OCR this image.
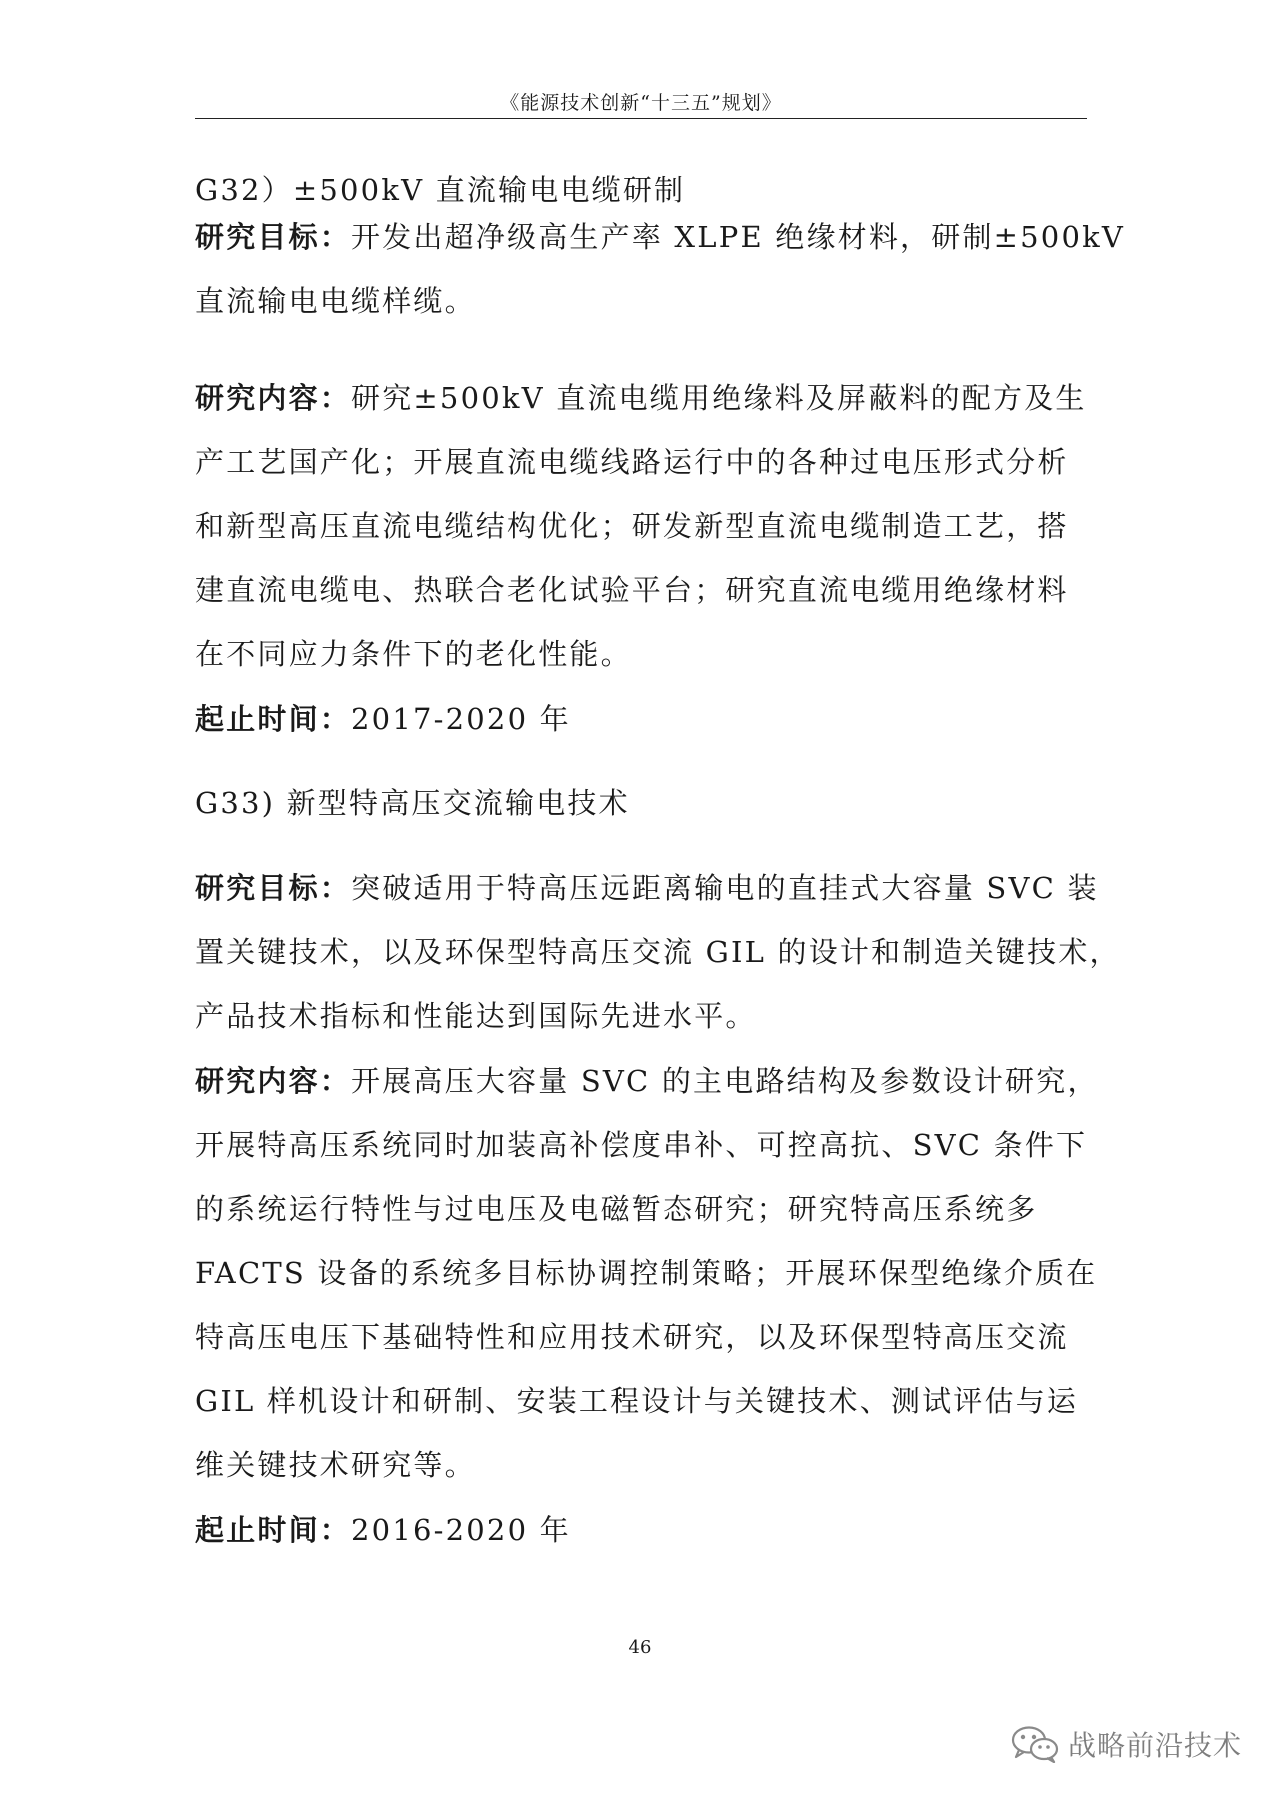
《能源技术创新“十三五”规划》
G32）±500kV 直流输电电缆研制
研究目标：开发出超净级高生产率 XLPE 绝缘材料，研制±500kV
直流输电电缆样缆。
研究内容：研究±500kV 直流电缆用绝缘料及屏蔽料的配方及生
产工艺国产化；开展直流电缆线路运行中的各种过电压形式分析
和新型高压直流电缆结构优化；研发新型直流电缆制造工艺，搭
建直流电缆电、热联合老化试验平台；研究直流电缆用绝缘材料
在不同应力条件下的老化性能。
起止时间：2017-2020 年
G33) 新型特高压交流输电技术
研究目标：突破适用于特高压远距离输电的直挂式大容量 SVC 装
置关键技术，以及环保型特高压交流 GIL 的设计和制造关键技术，
产品技术指标和性能达到国际先进水平。
研究内容：开展高压大容量 SVC 的主电路结构及参数设计研究，
开展特高压系统同时加装高补偿度串补、可控高抗、SVC 条件下
的系统运行特性与过电压及电磁暂态研究；研究特高压系统多
FACTS 设备的系统多目标协调控制策略；开展环保型绝缘介质在
特高压电压下基础特性和应用技术研究，以及环保型特高压交流
GIL 样机设计和研制、安装工程设计与关键技术、测试评估与运
维关键技术研究等。
起止时间：2016-2020 年
46
战略前沿技术
